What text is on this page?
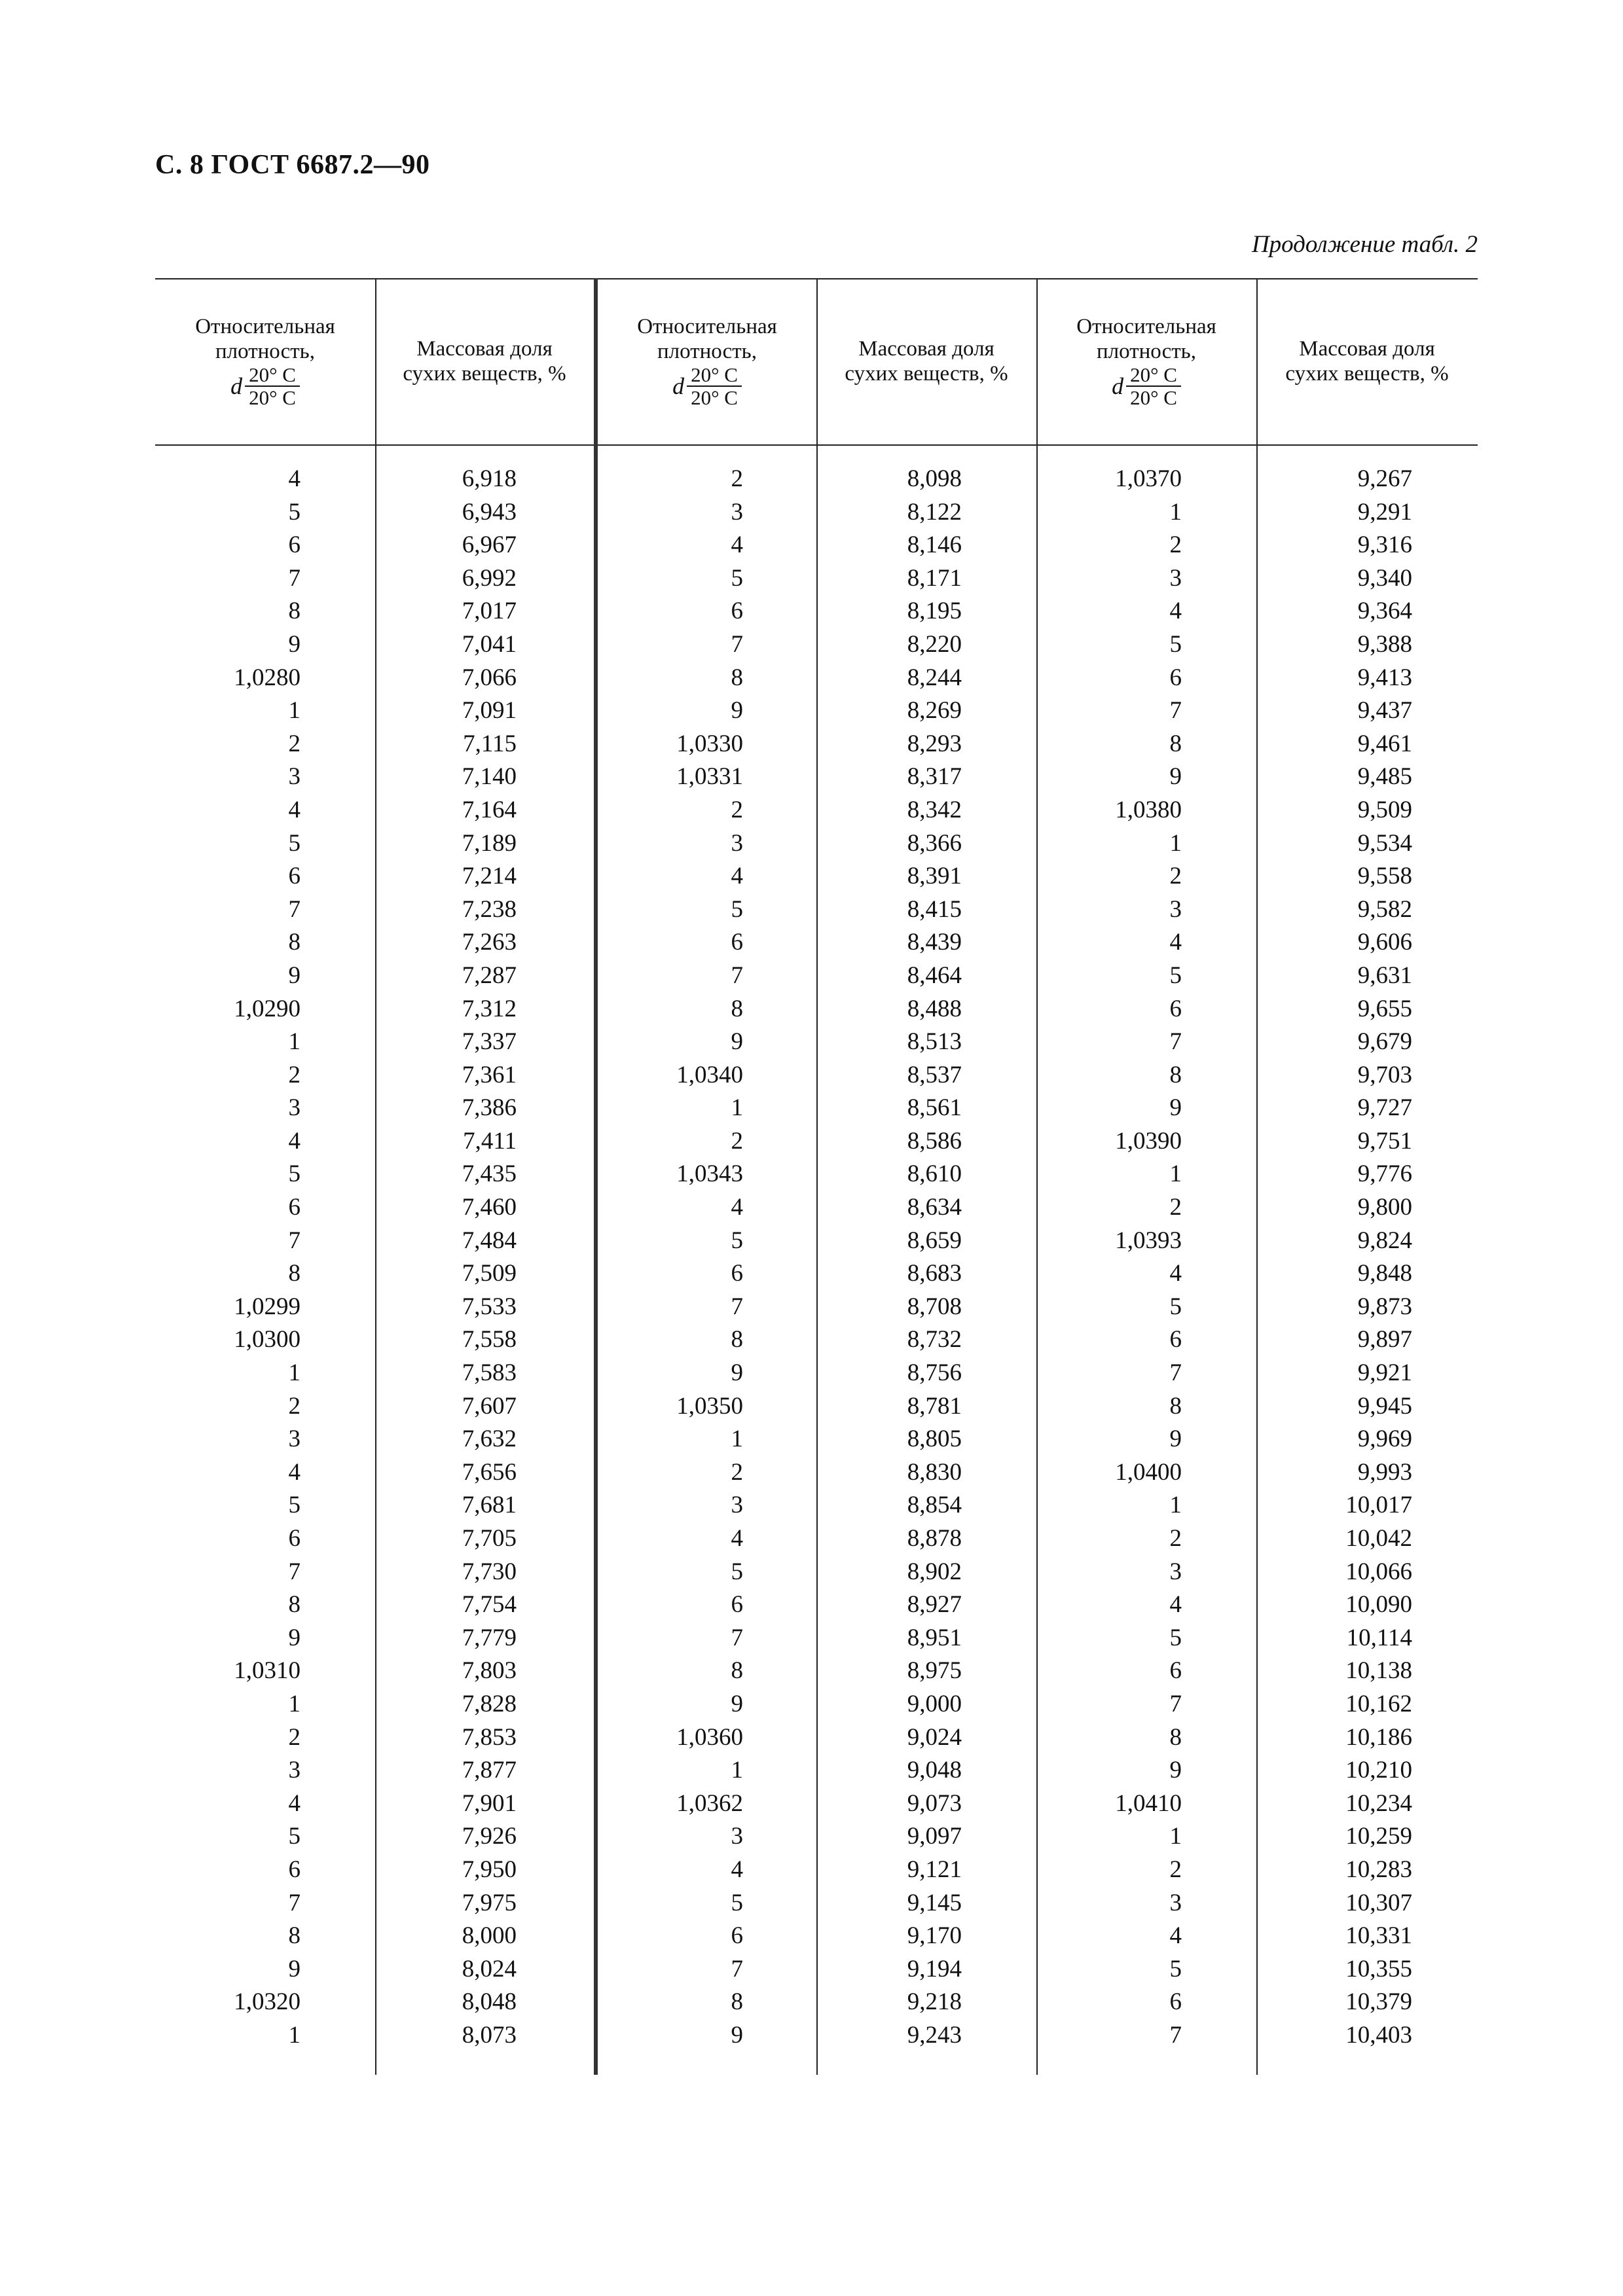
С. 8 ГОСТ 6687.2—90
Продолжение табл. 2
Относительная
плотность,
d $\frac{20^\circ C}{20^\circ C}$
Массовая доля
сухих веществ, %
Относительная
плотность,
d $\frac{20^\circ C}{20^\circ C}$
Массовая доля
сухих веществ, %
Относительная
плотность,
d $\frac{20^\circ C}{20^\circ C}$
Массовая доля
сухих веществ, %
4
5
6
7
8
9
1,0280
1
2
3
4
5
6
7
8
9
1,0290
1
2
3
4
5
6
7
8
1,0299
1,0300
1
2
3
4
5
6
7
8
9
1,0310
1
2
3
4
5
6
7
8
9
1,0320
1
6,918
6,943
6,967
6,992
7,017
7,041
7,066
7,091
7,115
7,140
7,164
7,189
7,214
7,238
7,263
7,287
7,312
7,337
7,361
7,386
7,411
7,435
7,460
7,484
7,509
7,533
7,558
7,583
7,607
7,632
7,656
7,681
7,705
7,730
7,754
7,779
7,803
7,828
7,853
7,877
7,901
7,926
7,950
7,975
8,000
8,024
8,048
8,073
2
3
4
5
6
7
8
9
1,0330
1,0331
2
3
4
5
6
7
8
9
1,0340
1
2
1,0343
4
5
6
7
8
9
1,0350
1
2
3
4
5
6
7
8
9
1,0360
1
1,0362
3
4
5
6
7
8
9
8,098
8,122
8,146
8,171
8,195
8,220
8,244
8,269
8,293
8,317
8,342
8,366
8,391
8,415
8,439
8,464
8,488
8,513
8,537
8,561
8,586
8,610
8,634
8,659
8,683
8,708
8,732
8,756
8,781
8,805
8,830
8,854
8,878
8,902
8,927
8,951
8,975
9,000
9,024
9,048
9,073
9,097
9,121
9,145
9,170
9,194
9,218
9,243
1,0370
1
2
3
4
5
6
7
8
9
1,0380
1
2
3
4
5
6
7
8
9
1,0390
1
2
1,0393
4
5
6
7
8
9
1,0400
1
2
3
4
5
6
7
8
9
1,0410
1
2
3
4
5
6
7
9,267
9,291
9,316
9,340
9,364
9,388
9,413
9,437
9,461
9,485
9,509
9,534
9,558
9,582
9,606
9,631
9,655
9,679
9,703
9,727
9,751
9,776
9,800
9,824
9,848
9,873
9,897
9,921
9,945
9,969
9,993
10,017
10,042
10,066
10,090
10,114
10,138
10,162
10,186
10,210
10,234
10,259
10,283
10,307
10,331
10,355
10,379
10,403
